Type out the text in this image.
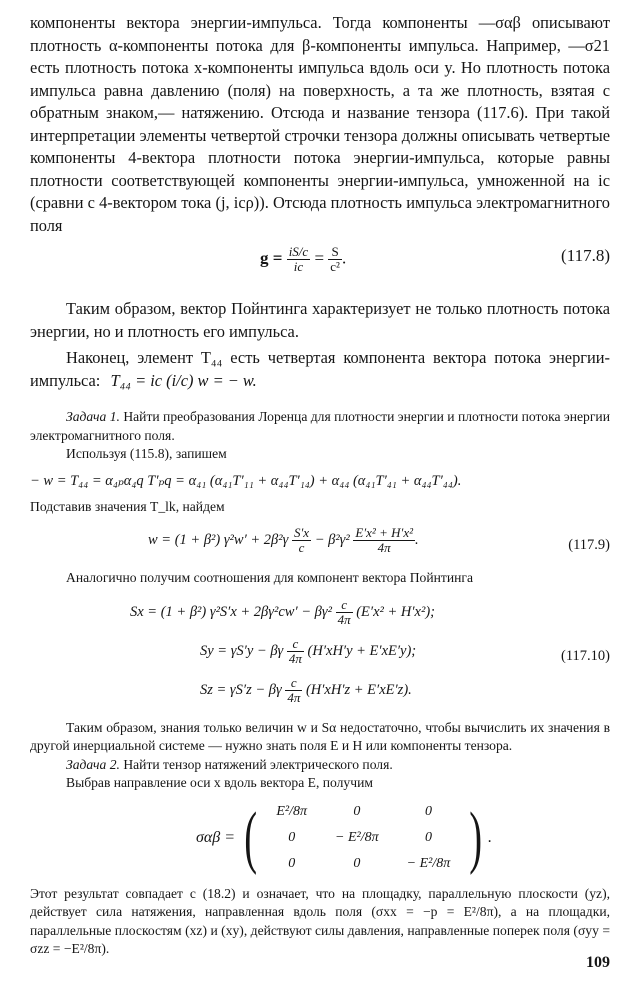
компоненты вектора энергии-импульса. Тогда компоненты —σαβ описывают плотность α-компоненты потока для β-компоненты импульса. Например, —σ21 есть плотность потока x-компоненты импульса вдоль оси y. Но плотность потока импульса равна давлению (поля) на поверхность, а та же плотность, взятая с обратным знаком,— натяжению. Отсюда и название тензора (117.6). При такой интерпретации элементы четвертой строчки тензора должны описывать четвертые компоненты 4-вектора плотности потока энергии-импульса, которые равны плотности соответствующей компоненты энергии-импульса, умноженной на ic (сравни с 4-вектором тока (j, icρ)). Отсюда плотность импульса электромагнитного поля

$g = \frac{iS/c}{ic} = \frac{S}{\text{c²}}$ .	(117.8)

Таким образом, вектор Пойнтинга характеризует не только плотность потока энергии, но и плотность его импульса.

Наконец, элемент T₄₄ есть четвертая компонента вектора потока энергии-импульса: T₄₄ = ic (i/c) w = − w.

Задача 1. Найти преобразования Лоренца для плотности энергии и плотности потока энергии электромагнитного поля.

Используя (115.8), запишем

− w = T₄₄ = α₄ₚα₄q T′ₚq = α₄₁ (α₄₁T′₁₁ + α₄₄T′₁₄) + α₄₄ (α₄₁T′₄₁ + α₄₄T′₄₄).

Подставив значения T_lk, найдем

w = (1 + β²) $\gamma^2w' + 2\beta^2\gamma \frac{S'x}{c} - \beta^2\gamma^2 \frac{\text{E′x² + H′x²}}{4\pi}$ .	(117.9)

Аналогично получим соотношения для компонент вектора Пойнтинга

Sx = (1 + β²) $\gamma^2S'x + 2\beta\gamma^2cw' - \beta\gamma^2 \frac{c}{4\pi} (E'x^2 + H'x^2)$;
Sy = γS′y − βγ $\frac{c}{4\pi} (H'xH'y + E'xE'y)$;	(117.10)
Sz = γS′z − βγ $\frac{c}{4\pi} (H'xH'z + E'xE'z)$.

Таким образом, знания только величин w и Sα недостаточно, чтобы вычислить их значения в другой инерциальной системе — нужно знать поля E и H или компоненты тензора.

Задача 2. Найти тензор натяжений электрического поля.

Выбрав направление оси x вдоль вектора E, получим

σαβ = ( E²/8π	0	0
0	− E²/8π	0
0	0	− E²/8π ) .

Этот результат совпадает с (18.2) и означает, что на площадку, параллельную плоскости (yz), действует сила натяжения, направленная вдоль поля (σxx = −p = E²/8π), а на площадки, параллельные плоскостям (xz) и (xy), действуют силы давления, направленные поперек поля (σyy = σzz = −E²/8π).

109
